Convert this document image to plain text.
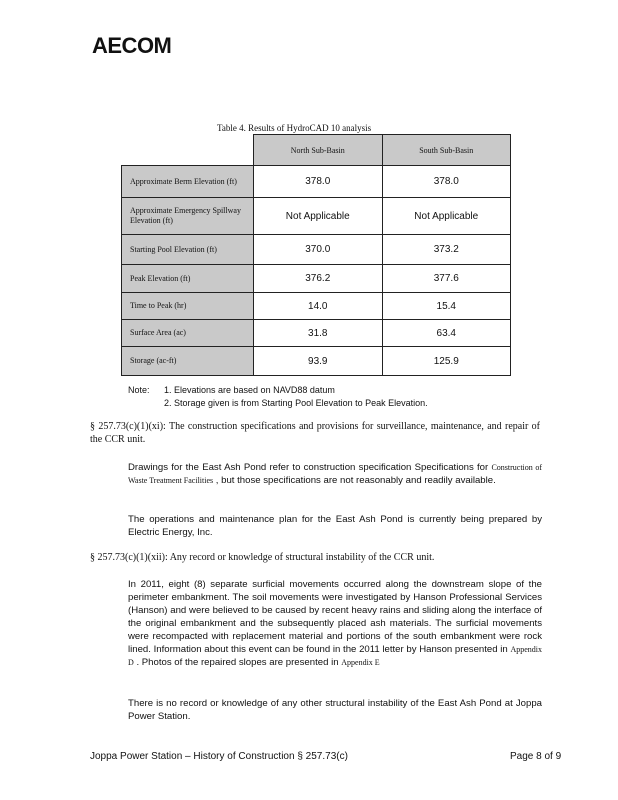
AECOM
Table 4. Results of HydroCAD 10 analysis
	North Sub-Basin	South Sub-Basin
Approximate Berm Elevation (ft)	378.0	378.0
Approximate Emergency Spillway Elevation (ft)	Not Applicable	Not Applicable
Starting Pool Elevation (ft)	370.0	373.2
Peak Elevation (ft)	376.2	377.6
Time to Peak (hr)	14.0	15.4
Surface Area (ac)	31.8	63.4
Storage (ac-ft)	93.9	125.9
Note: 1. Elevations are based on NAVD88 datum
2. Storage given is from Starting Pool Elevation to Peak Elevation.
§ 257.73(c)(1)(xi): The construction specifications and provisions for surveillance, maintenance, and repair of the CCR unit.
Drawings for the East Ash Pond refer to construction specification Specifications for Construction of Waste Treatment Facilities , but those specifications are not reasonably and readily available.
The operations and maintenance plan for the East Ash Pond is currently being prepared by Electric Energy, Inc.
§ 257.73(c)(1)(xii): Any record or knowledge of structural instability of the CCR unit.
In 2011, eight (8) separate surficial movements occurred along the downstream slope of the perimeter embankment. The soil movements were investigated by Hanson Professional Services (Hanson) and were believed to be caused by recent heavy rains and sliding along the interface of the original embankment and the subsequently placed ash materials. The surficial movements were recompacted with replacement material and portions of the south embankment were rock lined. Information about this event can be found in the 2011 letter by Hanson presented in Appendix D . Photos of the repaired slopes are presented in Appendix E
There is no record or knowledge of any other structural instability of the East Ash Pond at Joppa Power Station.
Joppa Power Station – History of Construction § 257.73(c)	Page 8 of 9
